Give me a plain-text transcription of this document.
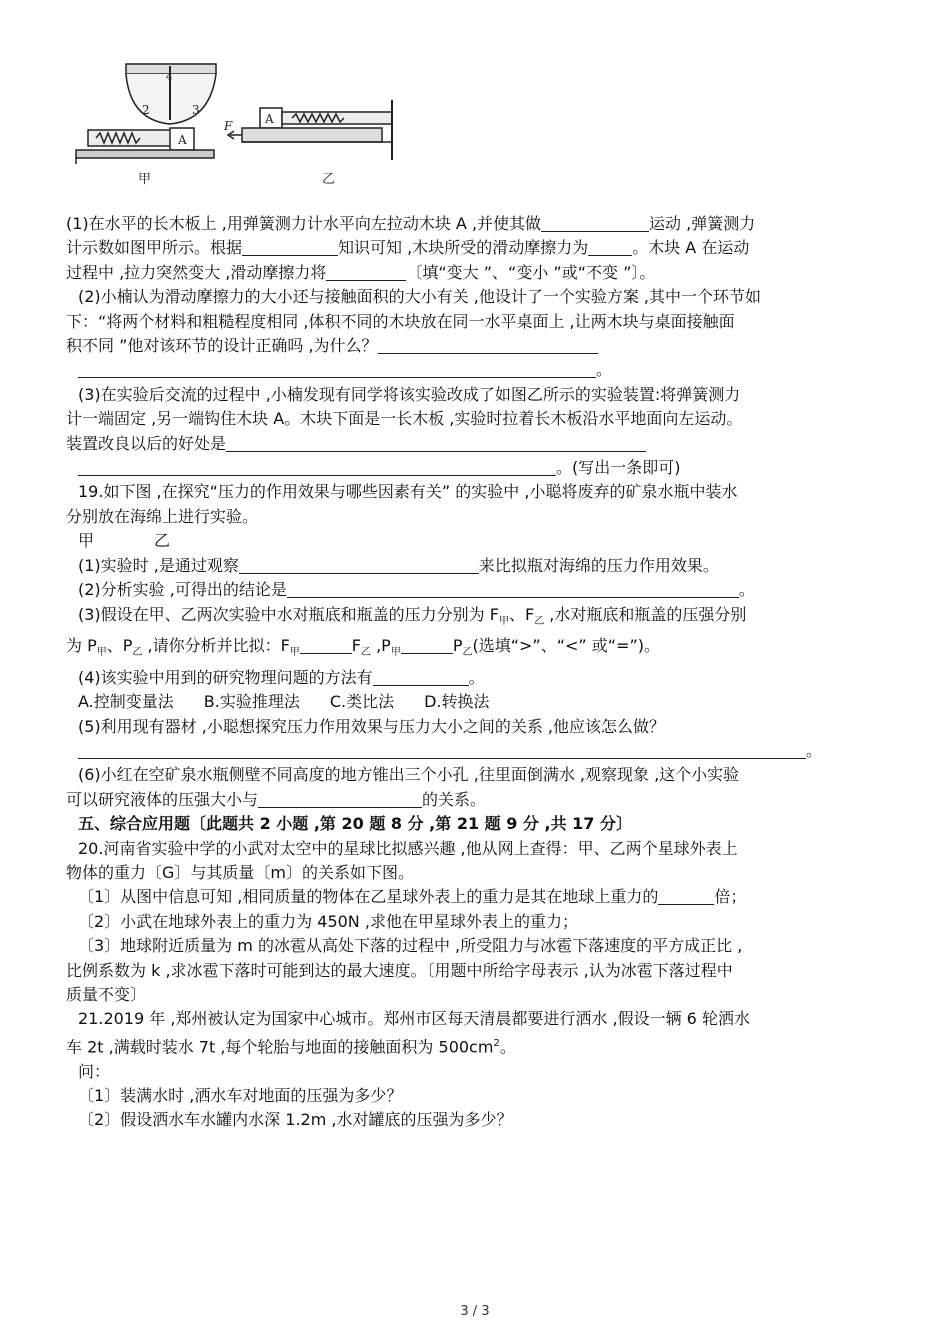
2	3
4
A
甲
A
F
乙
(1)在水平的长木板上 ,用弹簧测力计水平向左拉动木块 A ,并使其做	运动 ,弹簧测力
计示数如图甲所示。根据	知识可知 ,木块所受的滑动摩擦力为	。木块 A 在运动
过程中 ,拉力突然变大 ,滑动摩擦力将	〔填“变大 ”、“变小 ”或“不变 ”〕。
(2)小楠认为滑动摩擦力的大小还与接触面积的大小有关 ,他设计了一个实验方案 ,其中一个环节如
下：“将两个材料和粗糙程度相同 ,体积不同的木块放在同一水平桌面上 ,让两木块与桌面接触面
积不同 ”他对该环节的设计正确吗 ,为什么？
。
(3)在实验后交流的过程中 ,小楠发现有同学将该实验改成了如图乙所示的实验装置:将弹簧测力
计一端固定 ,另一端钩住木块 A。木块下面是一长木板 ,实验时拉着长木板沿水平地面向左运动。
装置改良以后的好处是
。(写出一条即可)
19.如下图 ,在探究“压力的作用效果与哪些因素有关” 的实验中 ,小聪将废弃的矿泉水瓶中装水
分别放在海绵上进行实验。
甲	乙
(1)实验时 ,是通过观察	来比拟瓶对海绵的压力作用效果。
(2)分析实验 ,可得出的结论是	。
(3)假设在甲、乙两次实验中水对瓶底和瓶盖的压力分别为 $F_甲$、$F_乙$ ,水对瓶底和瓶盖的压强分别
为 $P_甲$、$P_乙$ ,请你分析并比拟：$F_甲$	$F_乙$ $,P_甲$	$P_乙$(选填“>”、“<” 或“=”)。
(4)该实验中用到的研究物理问题的方法有	。
A.控制变量法 B.实验推理法 C.类比法 D.转换法
(5)利用现有器材 ,小聪想探究压力作用效果与压力大小之间的关系 ,他应该怎么做？
。
(6)小红在空矿泉水瓶侧壁不同高度的地方锥出三个小孔 ,往里面倒满水 ,观察现象 ,这个小实验
可以研究液体的压强大小与	的关系。
五、综合应用题〔此题共 2 小题 ,第 20 题 8 分 ,第 21 题 9 分 ,共 17 分〕
20.河南省实验中学的小武对太空中的星球比拟感兴趣 ,他从网上查得：甲、乙两个星球外表上
物体的重力〔G〕与其质量〔m〕的关系如下图。
〔1〕从图中信息可知 ,相同质量的物体在乙星球外表上的重力是其在地球上重力的	倍；
〔2〕小武在地球外表上的重力为 450N ,求他在甲星球外表上的重力；
〔3〕地球附近质量为 m 的冰雹从高处下落的过程中 ,所受阻力与冰雹下落速度的平方成正比 ,
比例系数为 k ,求冰雹下落时可能到达的最大速度。〔用题中所给字母表示 ,认为冰雹下落过程中
质量不变〕
21.2019 年 ,郑州被认定为国家中心城市。郑州市区每天清晨都要进行洒水 ,假设一辆 6 轮洒水
车 2t ,满载时装水 7t ,每个轮胎与地面的接触面积为 $500cm^2$。
问：
〔1〕装满水时 ,洒水车对地面的压强为多少？
〔2〕假设洒水车水罐内水深 1.2m ,水对罐底的压强为多少？
3 / 3
